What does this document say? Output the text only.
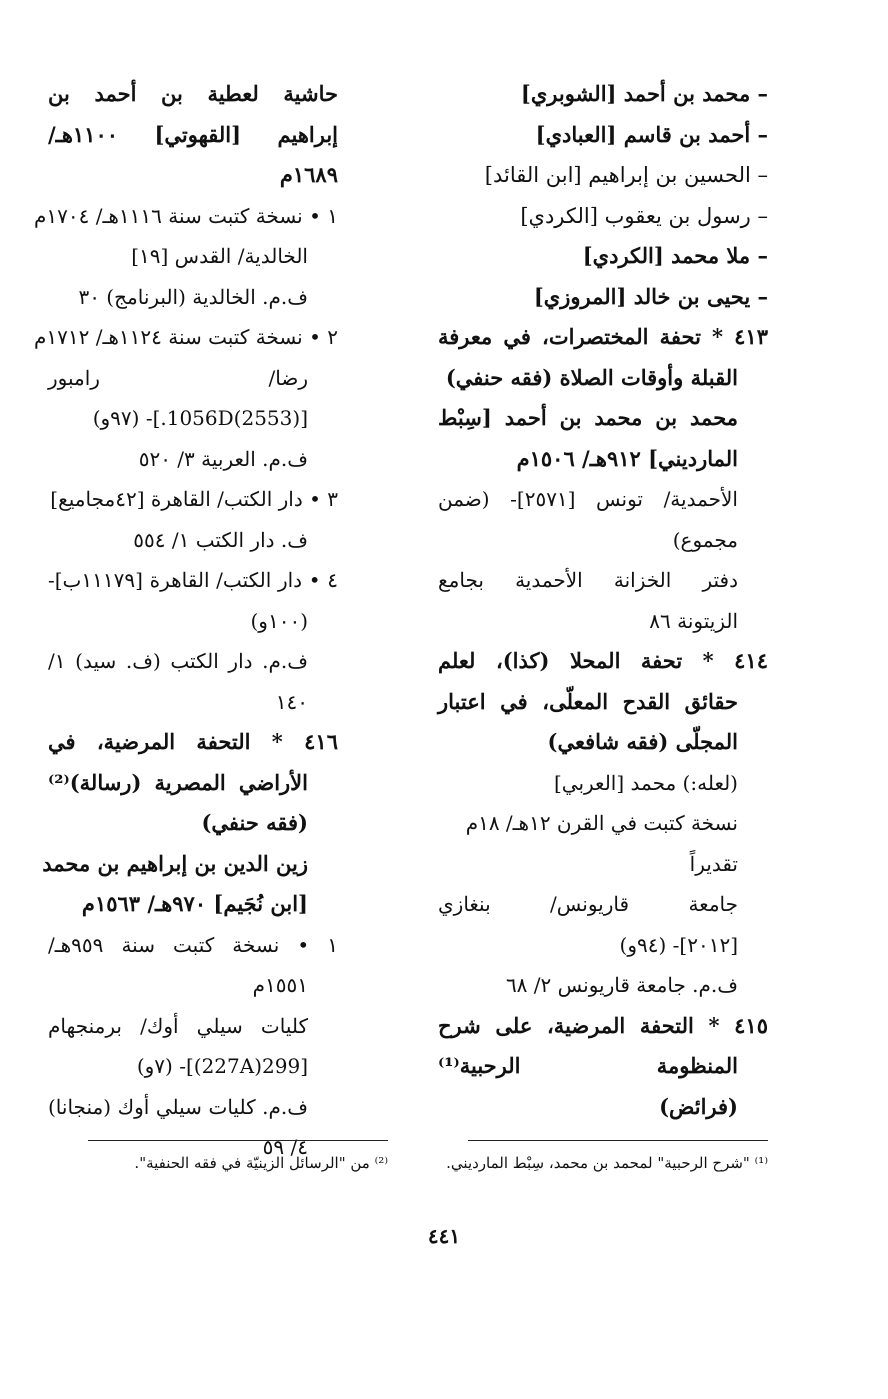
– محمد بن أحمد [الشوبري]
– أحمد بن قاسم [العبادي]
– الحسين بن إبراهيم [ابن القائد]
– رسول بن يعقوب [الكردي]
– ملا محمد [الكردي]
– يحيى بن خالد [المروزي]
٤١٣ * تحفة المختصرات، في معرفة
القبلة وأوقات الصلاة (فقه حنفي)
محمد بن محمد بن أحمد [سِبْط
المارديني] ٩١٢هـ/ ١٥٠٦م
الأحمدية/ تونس [٢٥٧١]- (ضمن
مجموع)
دفتر الخزانة الأحمدية بجامع
الزيتونة ٨٦
٤١٤ * تحفة المحلا (كذا)، لعلم
حقائق القدح المعلّى، في اعتبار
المجلّى (فقه شافعي)
(لعله:) محمد [العربي]
نسخة كتبت في القرن ١٢هـ/ ١٨م
تقديراً
جامعة قاريونس/ بنغازي
[٢٠١٢]- (٩٤و)
ف.م. جامعة قاريونس ٢/ ٦٨
٤١٥ * التحفة المرضية، على شرح
المنظومة الرحبية⁽¹⁾
(فرائض)
حاشية لعطية بن أحمد بن
إبراهيم [القهوتي] ١١٠٠هـ/
١٦٨٩م
١ • نسخة كتبت سنة ١١١٦هـ/ ١٧٠٤م
الخالدية/ القدس [١٩]
ف.م. الخالدية (البرنامج) ٣٠
٢ • نسخة كتبت سنة ١١٢٤هـ/ ١٧١٢م
رضا/ رامبور
[(2553)1056D.]- (٩٧و)
ف.م. العربية ٣/ ٥٢٠
٣ • دار الكتب/ القاهرة [٤٢مجاميع]
ف. دار الكتب ١/ ٥٥٤
٤ • دار الكتب/ القاهرة [١١١٧٩ب]-
(١٠٠و)
ف.م. دار الكتب (ف. سيد) ١/
١٤٠
٤١٦ * التحفة المرضية، في
الأراضي المصرية (رسالة)⁽²⁾
(فقه حنفي)
زين الدين بن إبراهيم بن محمد
[ابن نُجَيم] ٩٧٠هـ/ ١٥٦٣م
١ • نسخة كتبت سنة ٩٥٩هـ/
١٥٥١م
كليات سيلي أوك/ برمنجهام
[299(227A)]- (٧و)
ف.م. كليات سيلي أوك (منجانا)
٤/ ٥٩
⁽¹⁾ "شرح الرحبية" لمحمد بن محمد، سِبْط المارديني.
⁽²⁾ من "الرسائل الزينيّة في فقه الحنفية".
٤٤١
